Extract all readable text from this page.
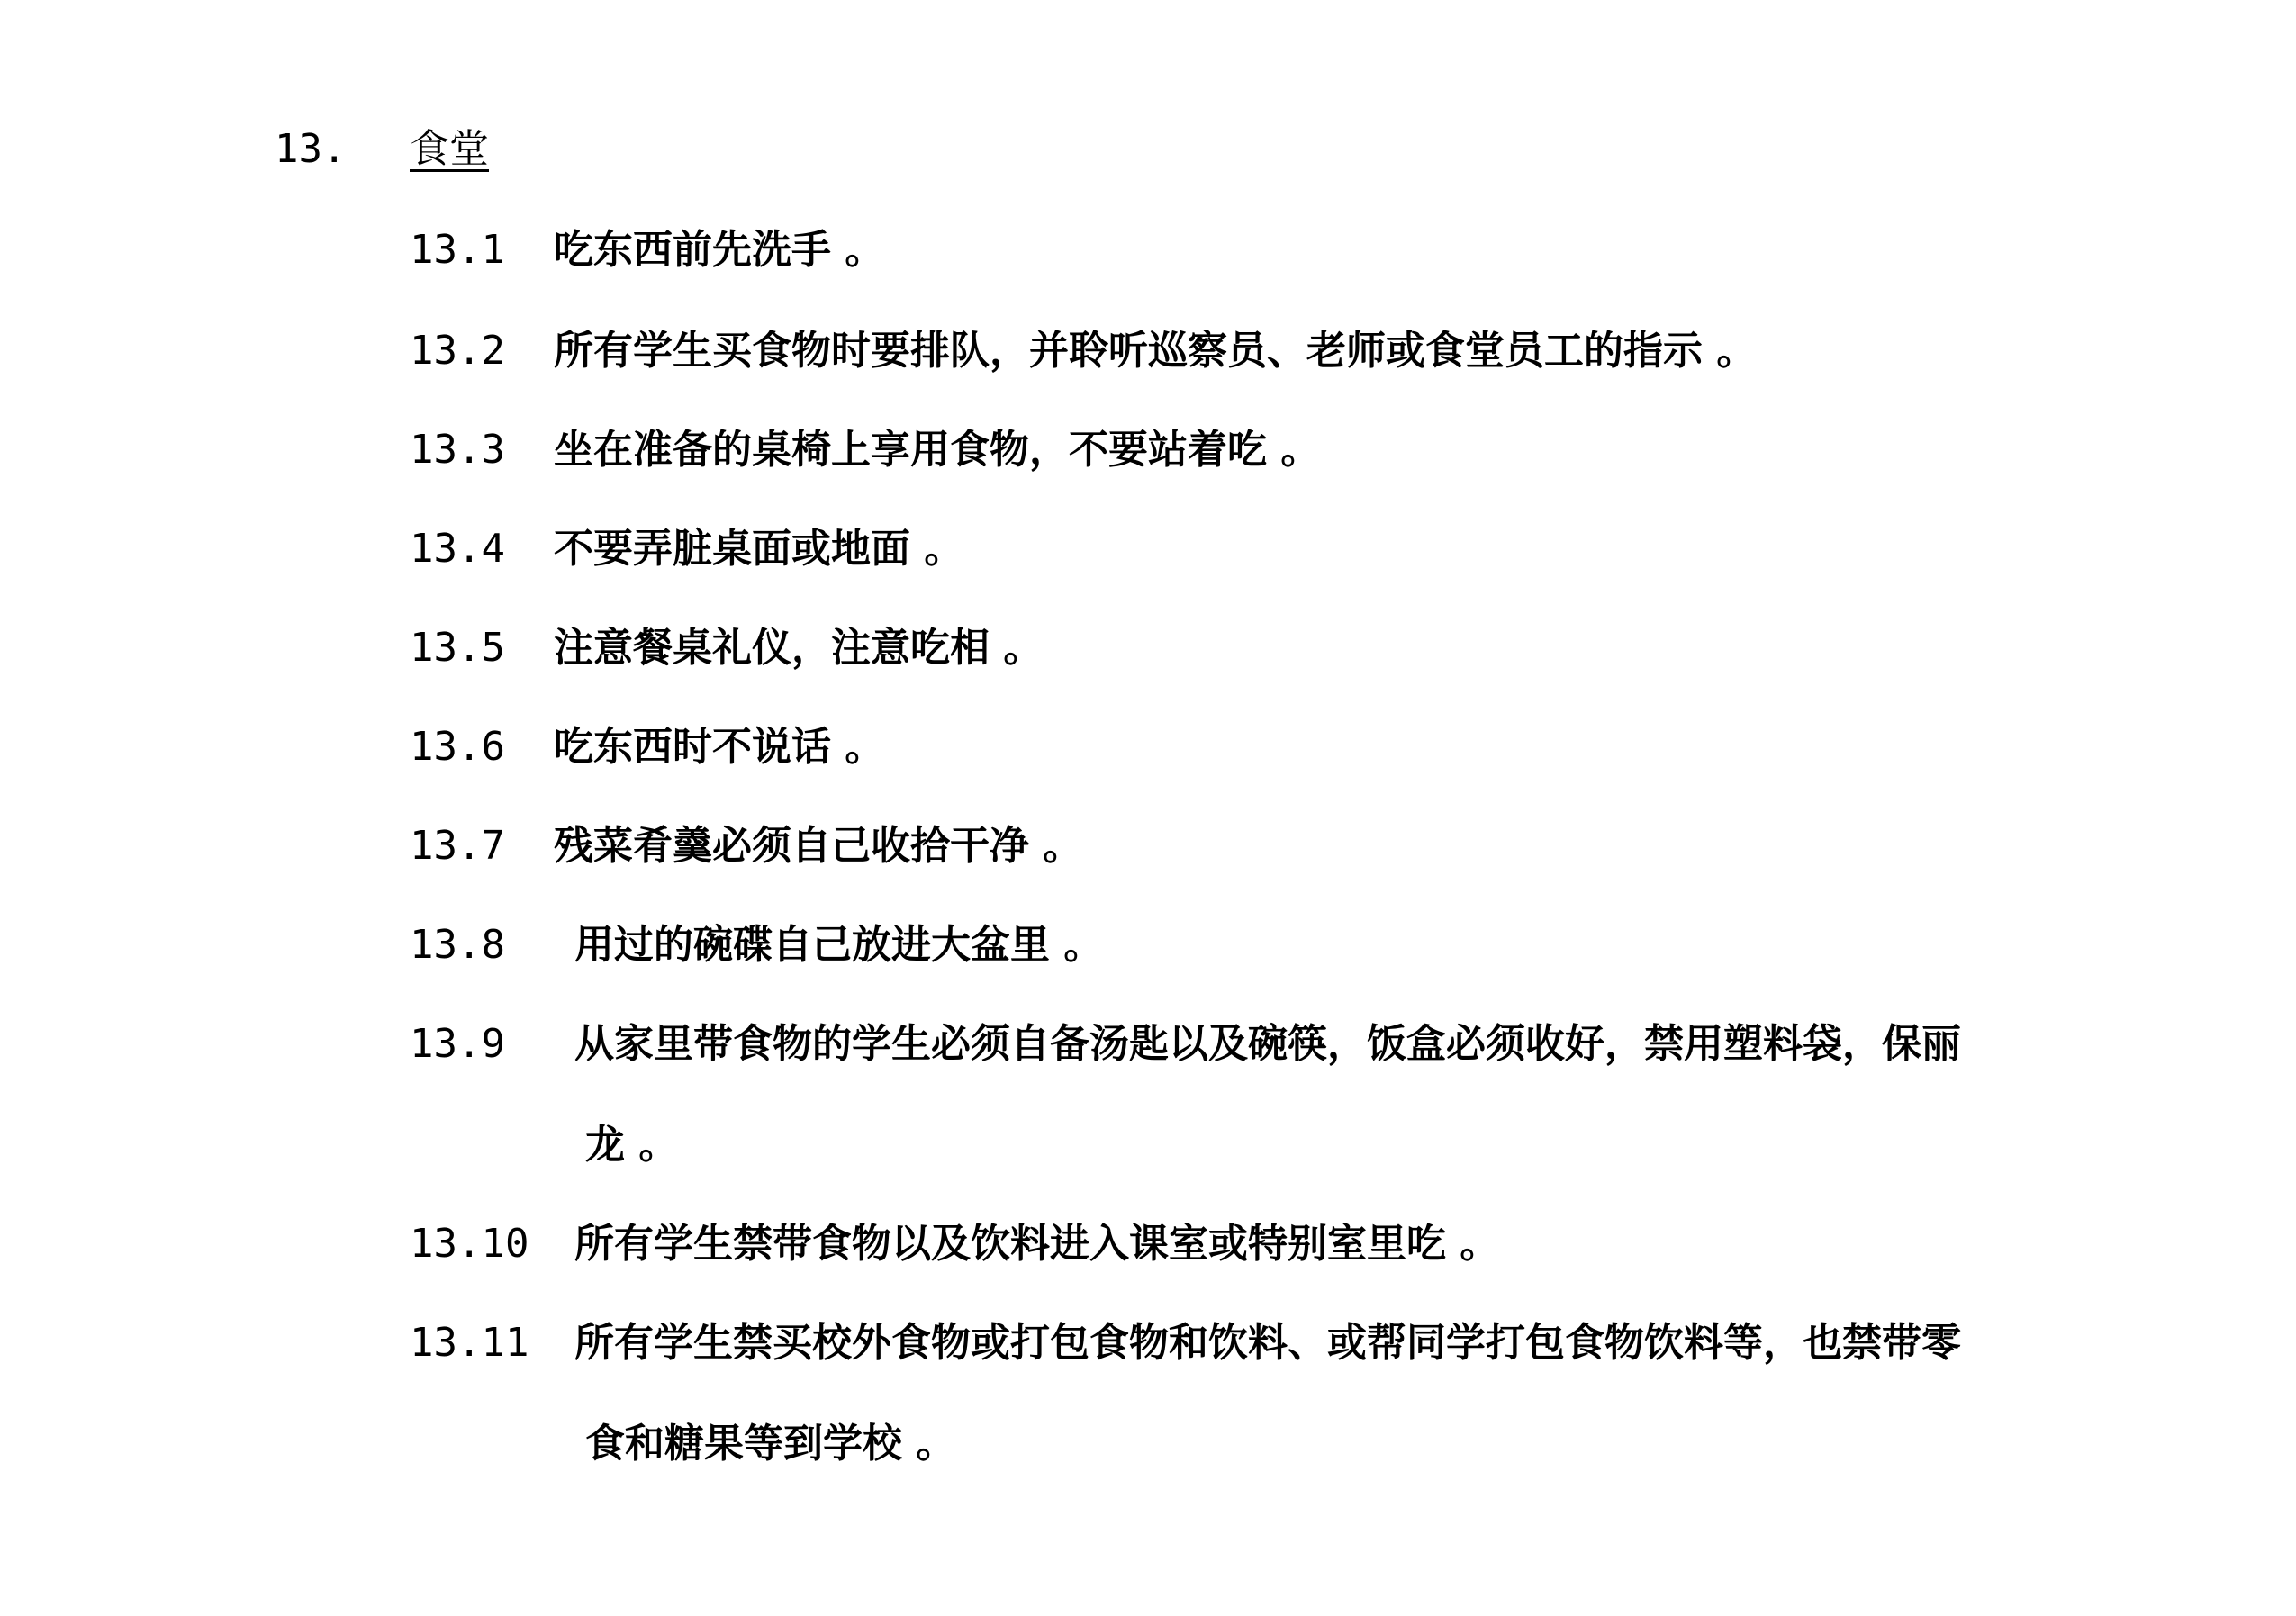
13. 食堂
13.1 吃东西前先洗手 。
13.2 所有学生买食物时要排队，并聆听巡察员、老师或食堂员工的指示 。
13.3 坐在准备的桌椅上享用食物，不要站着吃 。
13.4 不要弄脏桌面或地面 。
13.5 注意餐桌礼仪，注意吃相 。
13.6 吃东西时不说话 。
13.7 残菜肴羹必须自己收拾干净 。
13.8 用过的碗碟自己放进大盆里 。
13.9 从家里带食物的学生必须自备汤匙以及碗筷，饭盒必须收好，禁用塑料袋，保丽
龙 。
13.10 所有学生禁带食物以及饮料进入课室或特别室里吃 。
13.11 所有学生禁买校外食物或打包食物和饮料、或帮同学打包食物饮料等，也禁带零
食和糖果等到学校 。
